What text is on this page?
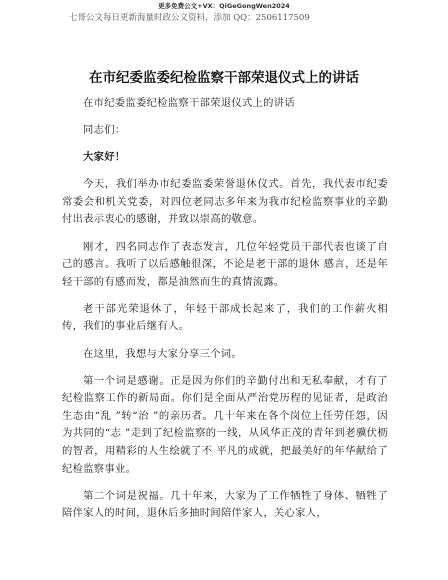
更多免费公文+VX：QiGeGongWen2024
七哥公文每日更新海量时政公文资料，添加 QQ：2506117509
在市纪委监委纪检监察干部荣退仪式上的讲话

在市纪委监委纪检监察干部荣退仪式上的讲话

同志们：

大家好！

今天，我们举办市纪委监委荣誉退休仪式。首先，我代表市纪委常委会和机关党委，对四位老同志多年来为我市纪检监察事业的辛勤付出表示衷心的感谢，并致以崇高的敬意。

刚才，四名同志作了表态发言，几位年轻党员干部代表也谈了自 己的感言。我听了以后感触很深，不论是老干部的退休 感言，还是年轻干部的有感而发，都是油然而生的真情流露。

老干部光荣退休了，年轻干部成长起来了，我们的工作薪火相传，我们的事业后继有人。

在这里，我想与大家分享三个词。

第一个词是感谢。正是因为你们的辛勤付出和无私奉献，才有了纪检监察工作的新局面。你们是全面从严治党历程的见证者，是政治生态由“乱 ”转“治 ”的亲历者。几十年来在各个岗位上任劳任怨，因为共同的“志 ”走到了纪检监察的一线，从风华正茂的青年到老骥伏枥的智者，用精彩的人生绘就了不 平凡的成就，把最美好的年华献给了纪检监察事业。

第二个词是祝福。几十年来，大家为了工作牺牲了身体、牺牲了陪伴家人的时间，退休后多抽时间陪伴家人，关心家人，
